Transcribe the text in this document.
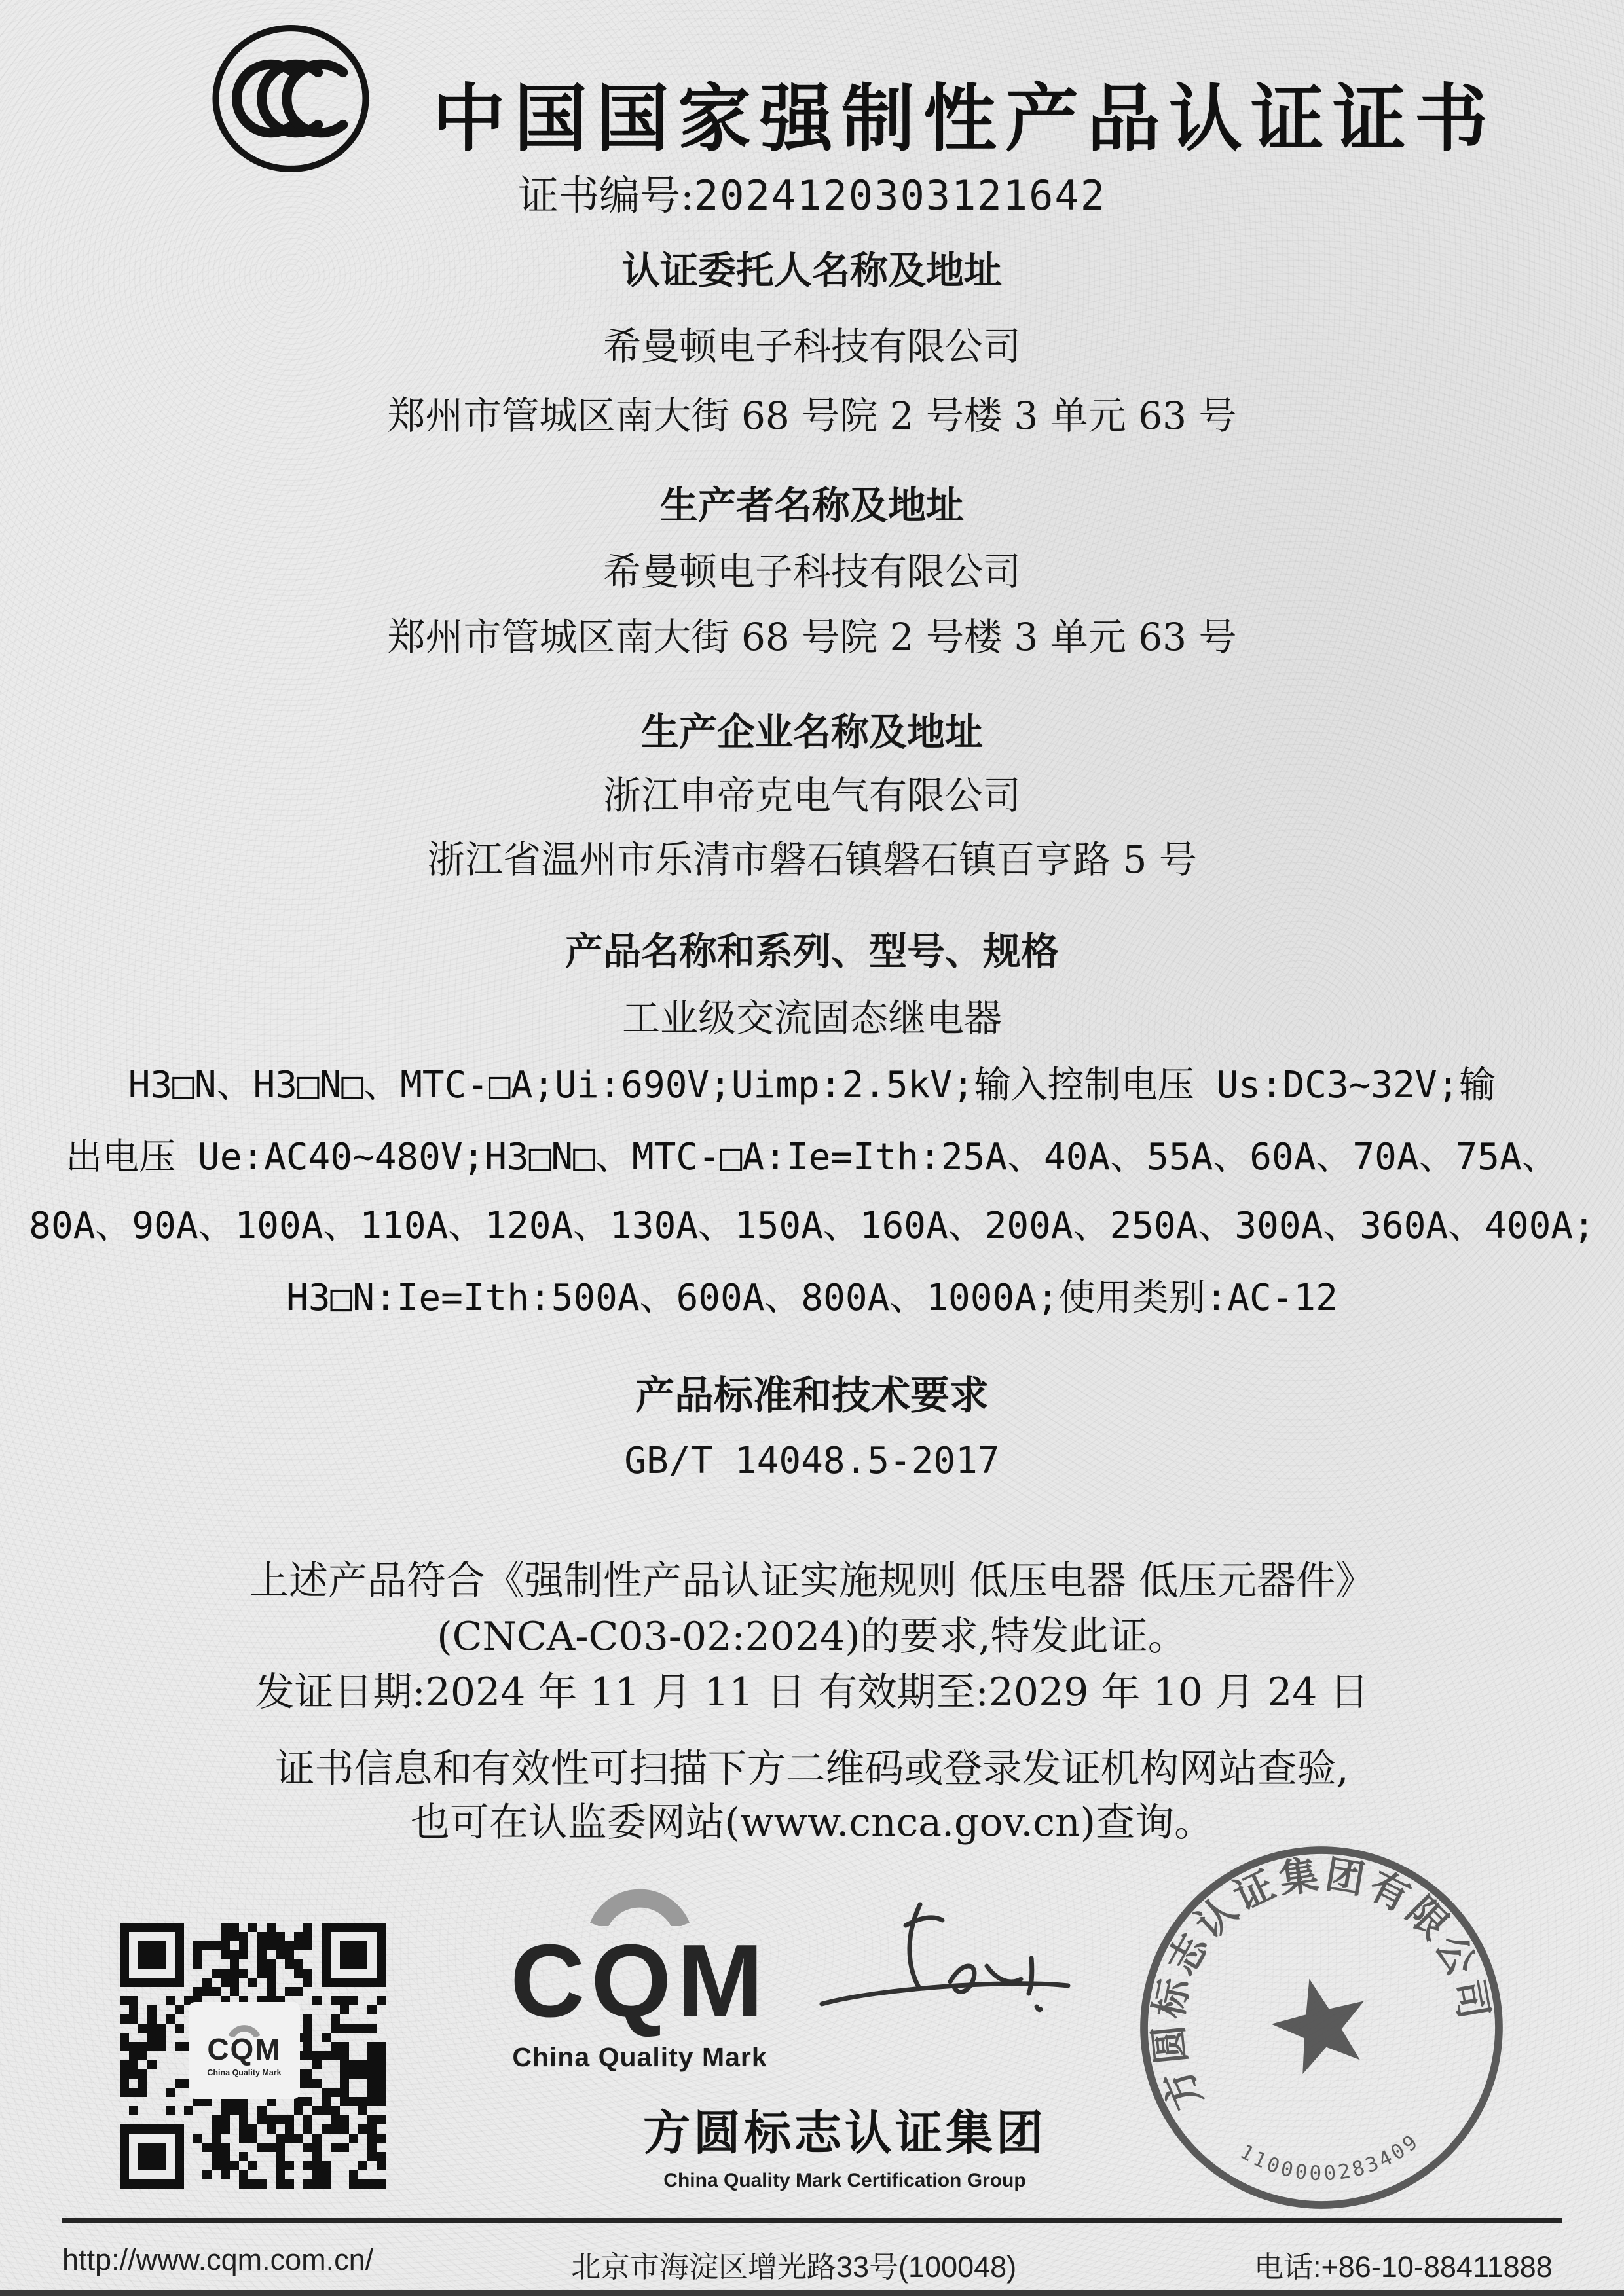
中国国家强制性产品认证证书
证书编号:2024120303121642
认证委托人名称及地址
希曼顿电子科技有限公司
郑州市管城区南大街 68 号院 2 号楼 3 单元 63 号
生产者名称及地址
希曼顿电子科技有限公司
郑州市管城区南大街 68 号院 2 号楼 3 单元 63 号
生产企业名称及地址
浙江申帝克电气有限公司
浙江省温州市乐清市磐石镇磐石镇百亨路 5 号
产品名称和系列、型号、规格
工业级交流固态继电器
H3□N、H3□N□、MTC-□A;Ui:690V;Uimp:2.5kV;输入控制电压 Us:DC3~32V;输
出电压 Ue:AC40~480V;H3□N□、MTC-□A:Ie=Ith:25A、40A、55A、60A、70A、75A、
80A、90A、100A、110A、120A、130A、150A、160A、200A、250A、300A、360A、400A;
H3□N:Ie=Ith:500A、600A、800A、1000A;使用类别:AC-12
产品标准和技术要求
GB/T 14048.5-2017
上述产品符合《强制性产品认证实施规则 低压电器 低压元器件》
(CNCA-C03-02:2024)的要求,特发此证。
发证日期:2024 年 11 月 11 日 有效期至:2029 年 10 月 24 日
证书信息和有效性可扫描下方二维码或登录发证机构网站查验,
也可在认监委网站(www.cnca.gov.cn)查询。
CQM
China Quality Mark
CQM
China Quality Mark
方圆标志认证集团
China Quality Mark Certification Group
方圆标志认证集团有限公司
1100000283409
http://www.cqm.com.cn/	北京市海淀区增光路33号(100048)	电话:+86-10-88411888
